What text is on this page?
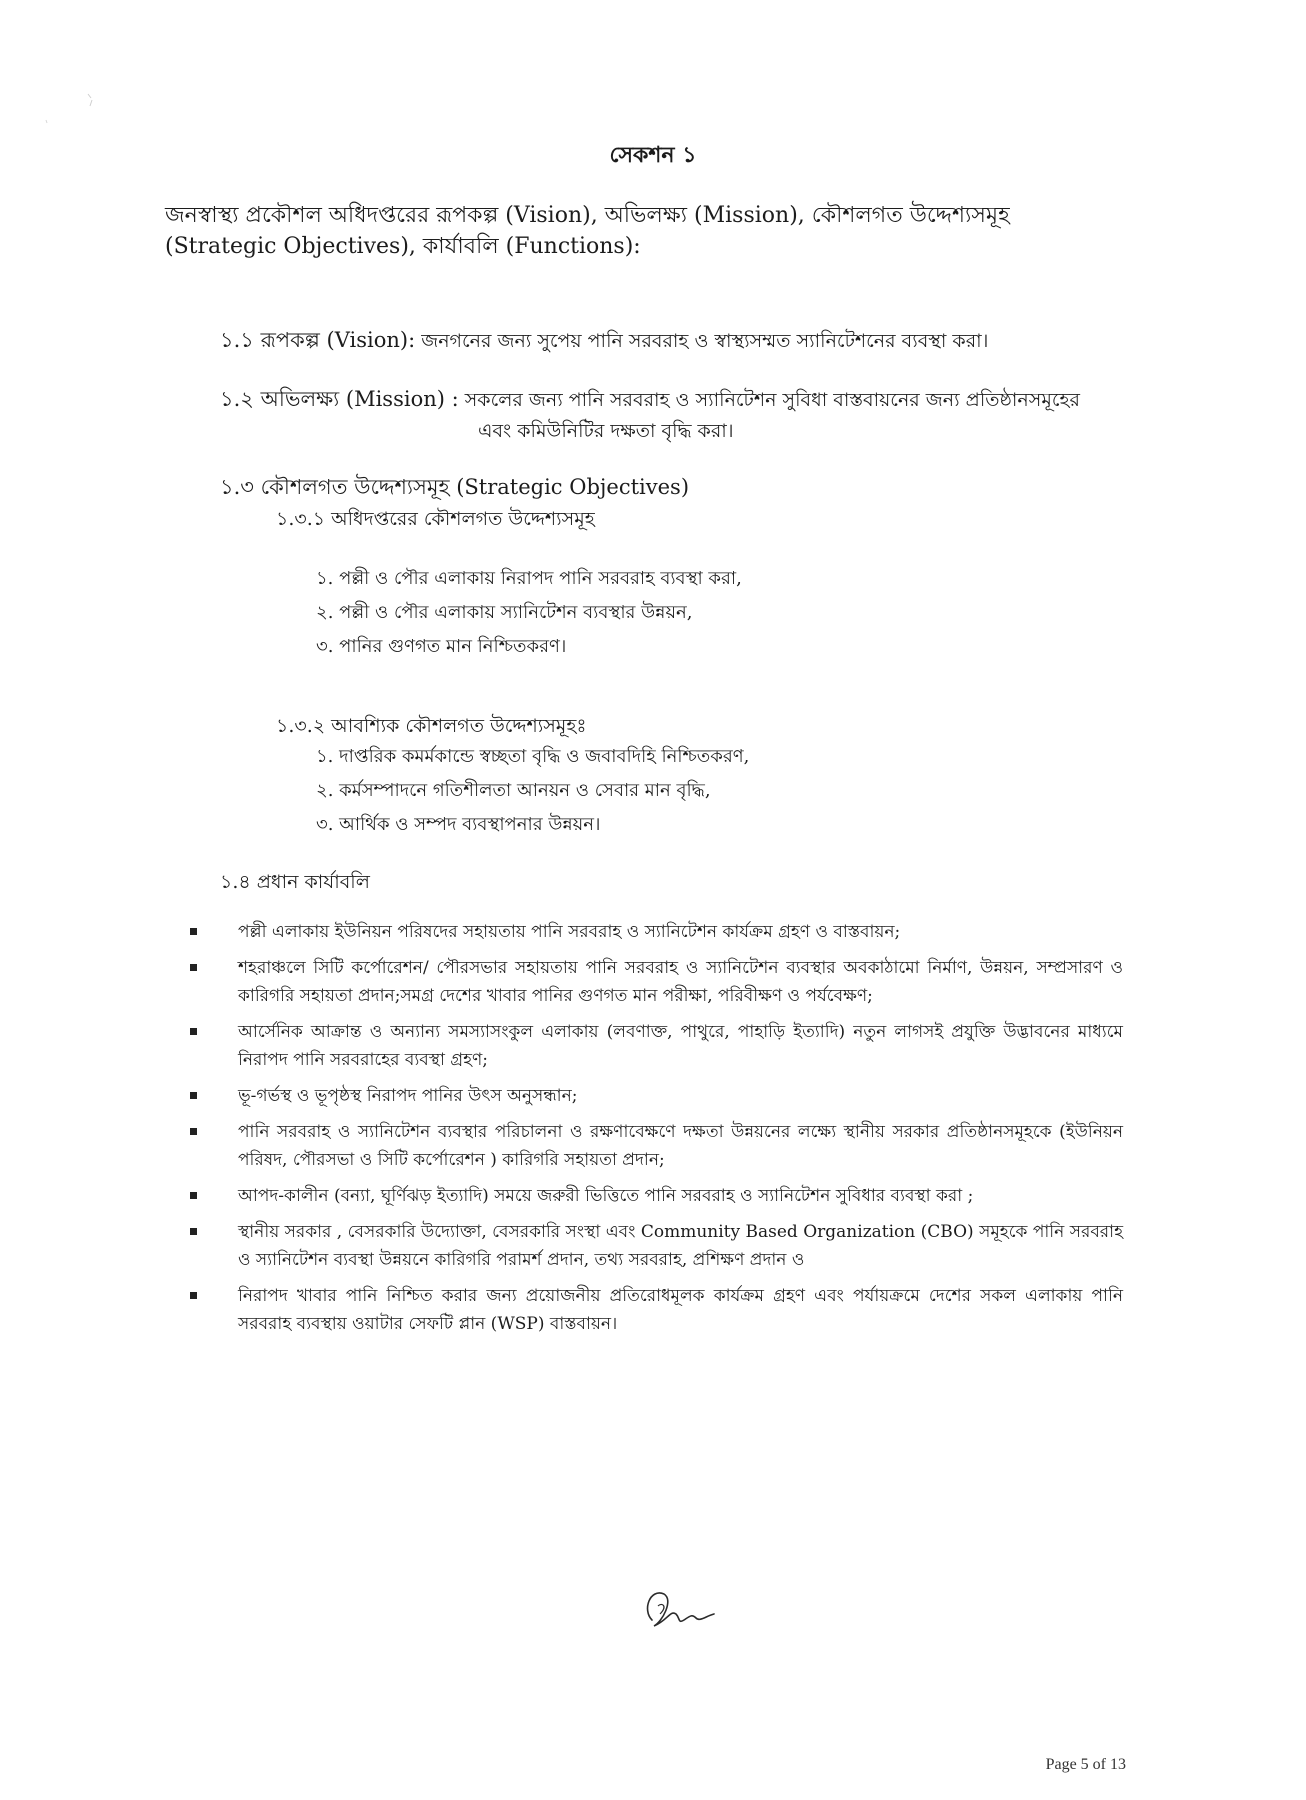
সেকশন ১
জনস্বাস্থ্য প্রকৌশল অধিদপ্তরের রূপকল্প (Vision), অভিলক্ষ্য (Mission), কৌশলগত উদ্দেশ্যসমূহ (Strategic Objectives), কার্যাবলি (Functions):
১.১ রূপকল্প (Vision): জনগনের জন্য সুপেয় পানি সরবরাহ ও স্বাস্থ্যসম্মত স্যানিটেশনের ব্যবস্থা করা।
১.২ অভিলক্ষ্য (Mission) : সকলের জন্য পানি সরবরাহ ও স্যানিটেশন সুবিধা বাস্তবায়নের জন্য প্রতিষ্ঠানসমূহের
এবং কমিউনিটির দক্ষতা বৃদ্ধি করা।
১.৩ কৌশলগত উদ্দেশ্যসমূহ (Strategic Objectives)
১.৩.১ অধিদপ্তরের কৌশলগত উদ্দেশ্যসমূহ
১. পল্লী ও পৌর এলাকায় নিরাপদ পানি সরবরাহ ব্যবস্থা করা,
২. পল্লী ও পৌর এলাকায় স্যানিটেশন ব্যবস্থার উন্নয়ন,
৩. পানির গুণগত মান নিশ্চিতকরণ।
১.৩.২ আবশ্যিক কৌশলগত উদ্দেশ্যসমূহঃ
১. দাপ্তরিক কমর্মকান্ডে স্বচ্ছতা বৃদ্ধি ও জবাবদিহি নিশ্চিতকরণ,
২. কর্মসম্পাদনে গতিশীলতা আনয়ন ও সেবার মান বৃদ্ধি,
৩. আর্থিক ও সম্পদ ব্যবস্থাপনার উন্নয়ন।
১.৪ প্রধান কার্যাবলি
পল্লী এলাকায় ইউনিয়ন পরিষদের সহায়তায় পানি সরবরাহ ও স্যানিটেশন কার্যক্রম গ্রহণ ও বাস্তবায়ন;
শহরাঞ্চলে সিটি কর্পোরেশন/ পৌরসভার সহায়তায় পানি সরবরাহ ও স্যানিটেশন ব্যবস্থার অবকাঠামো নির্মাণ, উন্নয়ন, সম্প্রসারণ ও কারিগরি সহায়তা প্রদান;সমগ্র দেশের খাবার পানির গুণগত মান পরীক্ষা, পরিবীক্ষণ ও পর্যবেক্ষণ;
আর্সেনিক আক্রান্ত ও অন্যান্য সমস্যাসংকুল এলাকায় (লবণাক্ত, পাথুরে, পাহাড়ি ইত্যাদি) নতুন লাগসই প্রযুক্তি উদ্ভাবনের মাধ্যমে নিরাপদ পানি সরবরাহের ব্যবস্থা গ্রহণ;
ভূ-গর্ভস্থ ও ভূপৃষ্ঠস্থ নিরাপদ পানির উৎস অনুসন্ধান;
পানি সরবরাহ ও স্যানিটেশন ব্যবস্থার পরিচালনা ও রক্ষণাবেক্ষণে দক্ষতা উন্নয়নের লক্ষ্যে স্থানীয় সরকার প্রতিষ্ঠানসমূহকে (ইউনিয়ন পরিষদ, পৌরসভা ও সিটি কর্পোরেশন ) কারিগরি সহায়তা প্রদান;
আপদ-কালীন (বন্যা, ঘূর্ণিঝড় ইত্যাদি) সময়ে জরুরী ভিত্তিতে পানি সরবরাহ ও স্যানিটেশন সুবিধার ব্যবস্থা করা ;
স্থানীয় সরকার , বেসরকারি উদ্যোক্তা, বেসরকারি সংস্থা এবং Community Based Organization (CBO) সমূহকে পানি সরবরাহ ও স্যানিটেশন ব্যবস্থা উন্নয়নে কারিগরি পরামর্শ প্রদান, তথ্য সরবরাহ, প্রশিক্ষণ প্রদান ও
নিরাপদ খাবার পানি নিশ্চিত করার জন্য প্রয়োজনীয় প্রতিরোধমূলক কার্যক্রম গ্রহণ এবং পর্যায়ক্রমে দেশের সকল এলাকায় পানি সরবরাহ ব্যবস্থায় ওয়াটার সেফটি প্লান (WSP) বাস্তবায়ন।
Page 5 of 13
